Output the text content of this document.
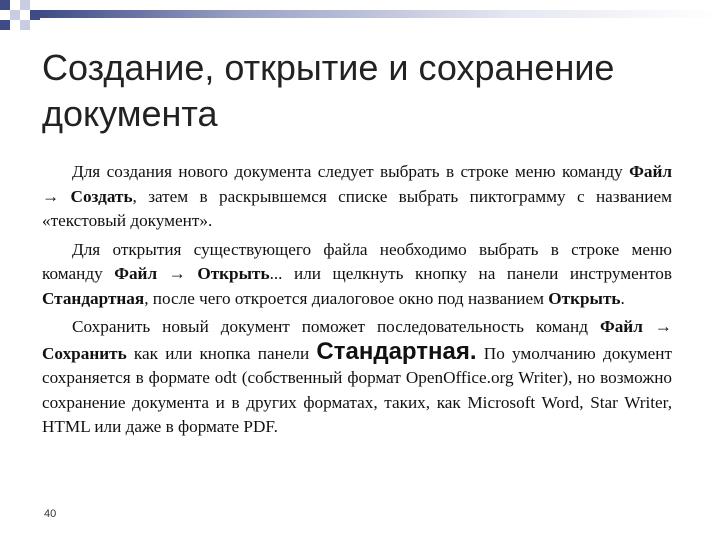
Создание, открытие и сохранение документа

Для создания нового документа следует выбрать в строке меню команду Файл → Создать, затем в раскрывшемся списке выбрать пиктограмму с названием «текстовый документ».

Для открытия существующего файла необходимо выбрать в строке меню команду Файл → Открыть... или щелкнуть кнопку на панели инструментов Стандартная, после чего откроется диалоговое окно под названием Открыть.

Сохранить новый документ поможет последовательность команд Файл → Сохранить как или кнопка панели Стандартная. По умолчанию документ сохраняется в формате odt (собственный формат OpenOffice.org Writer), но возможно сохранение документа и в других форматах, таких, как Microsoft Word, Star Writer, HTML или даже в формате PDF.

40
